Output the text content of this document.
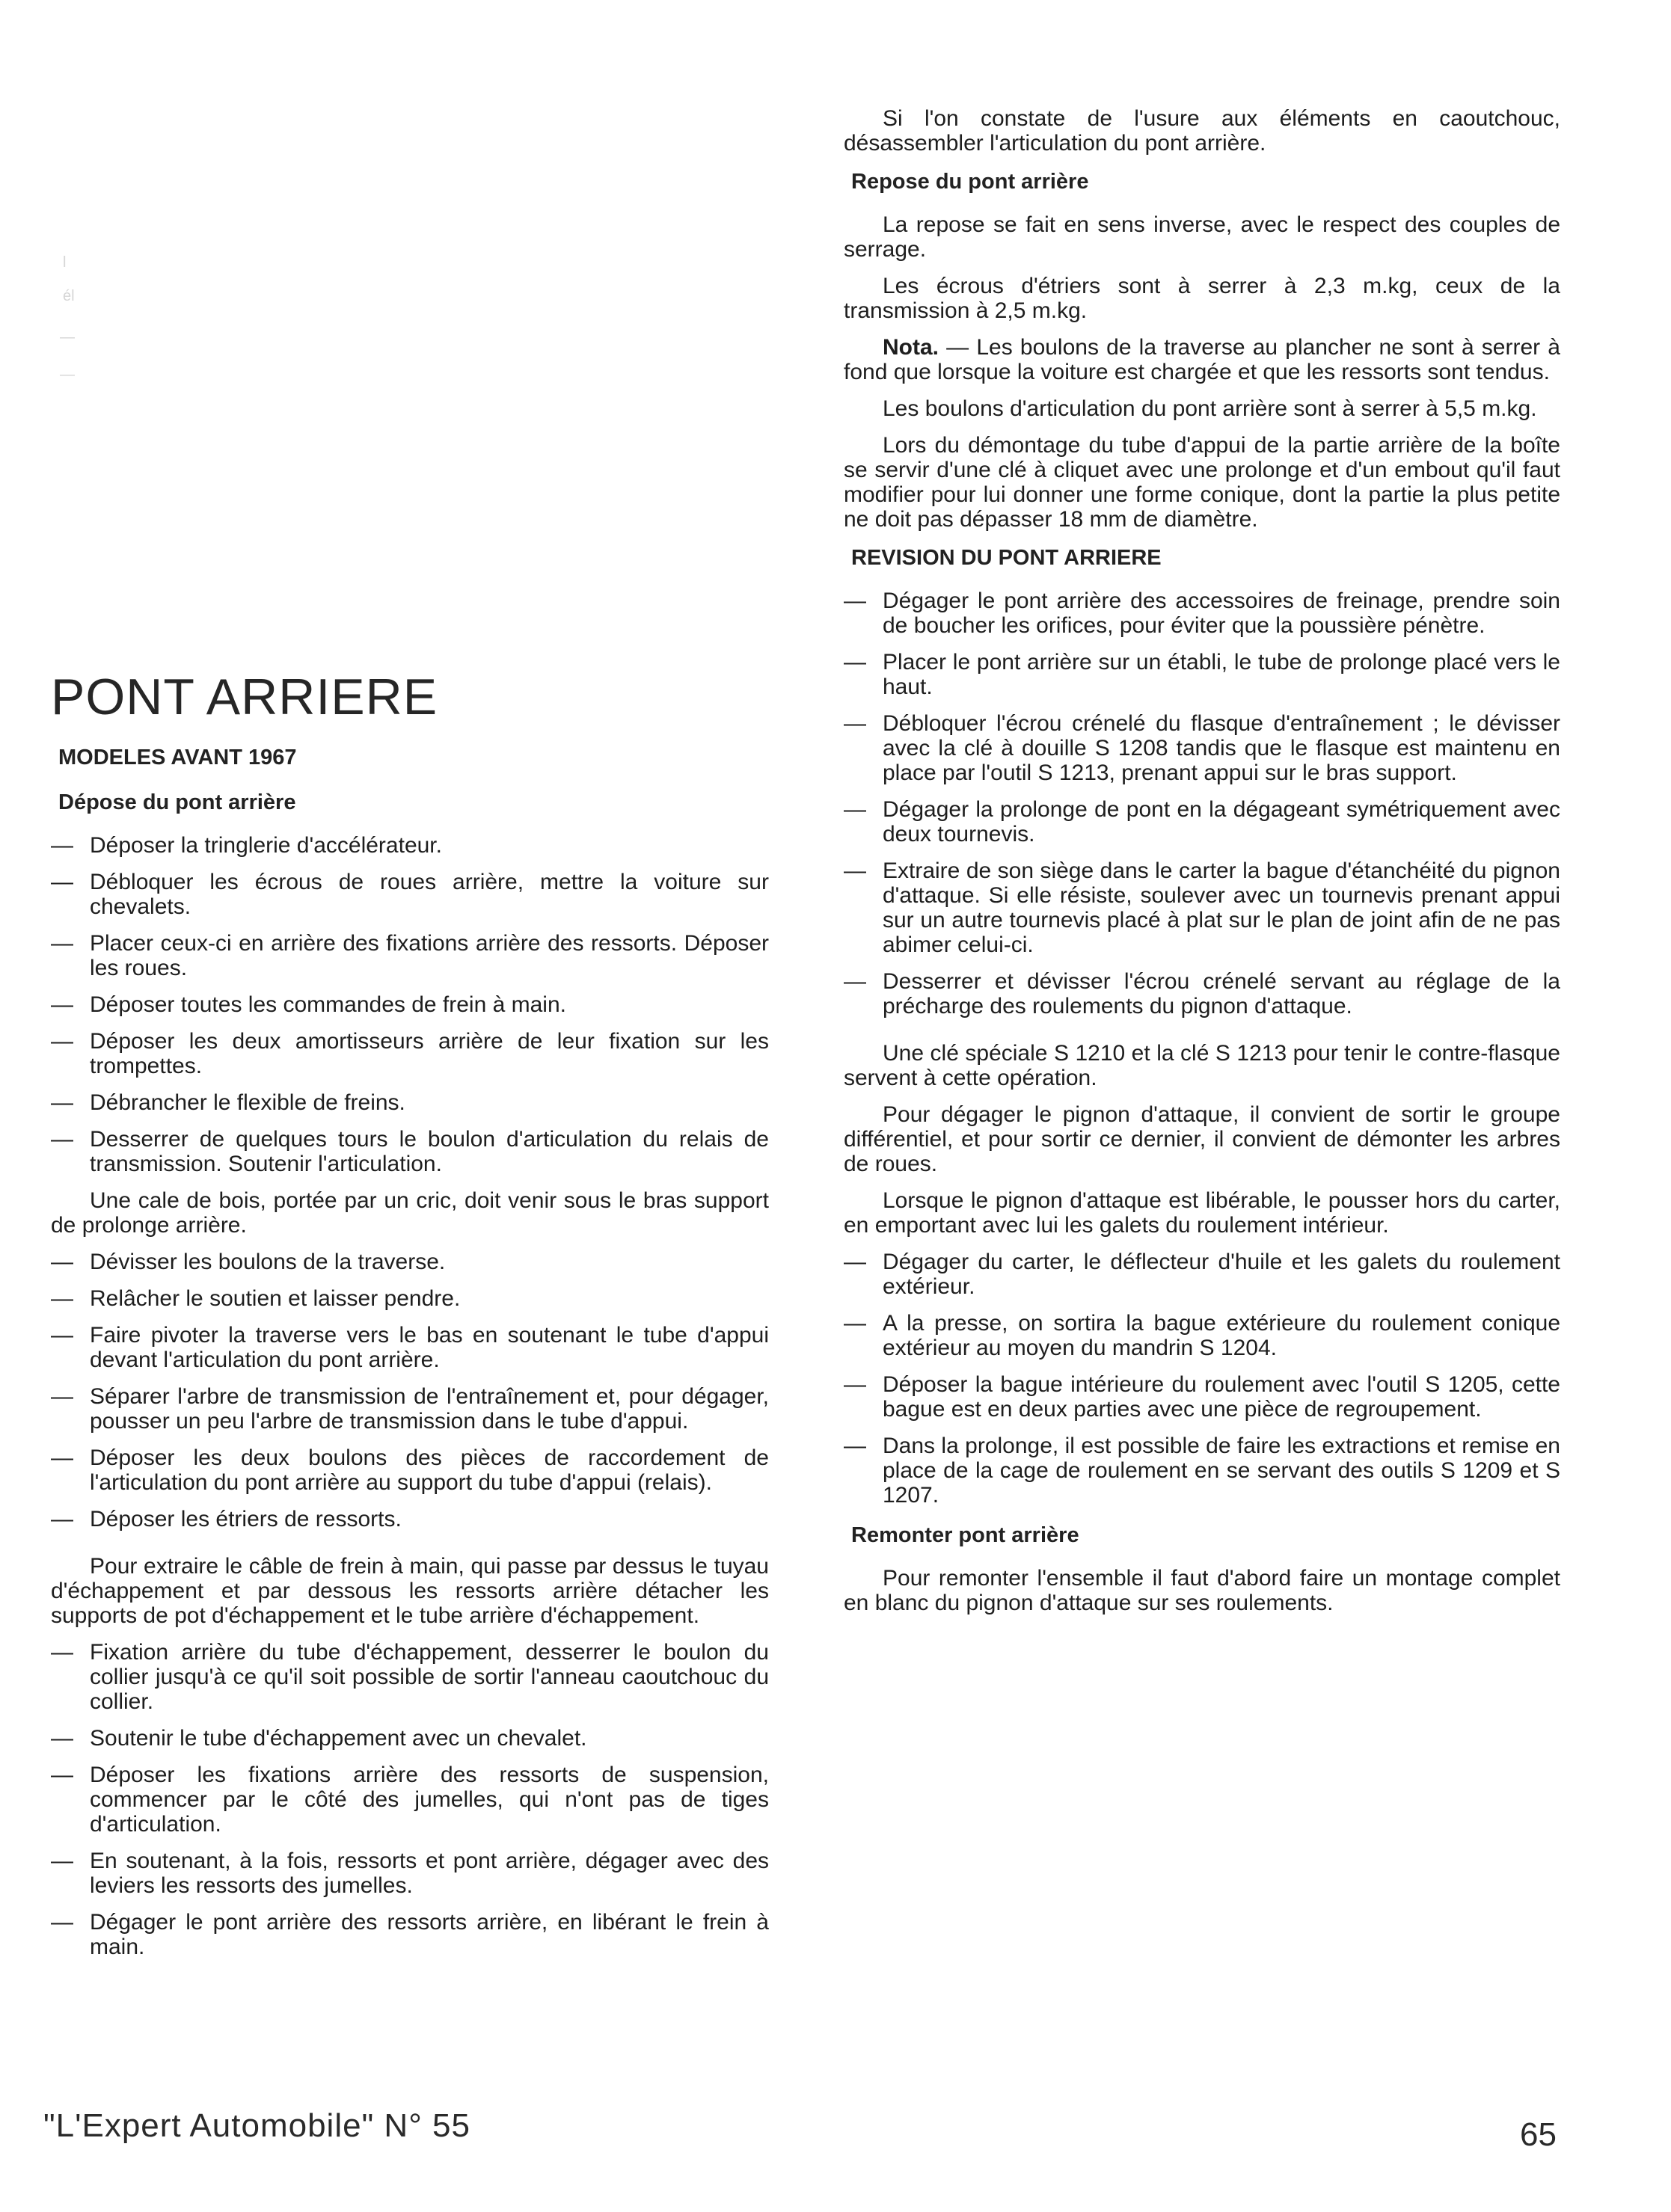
l
él
—
—
PONT ARRIERE
MODELES AVANT 1967
Dépose du pont arrière
— Déposer la tringlerie d'accélérateur.
— Débloquer les écrous de roues arrière, mettre la voiture sur chevalets.
— Placer ceux-ci en arrière des fixations arrière des ressorts. Déposer les roues.
— Déposer toutes les commandes de frein à main.
— Déposer les deux amortisseurs arrière de leur fixation sur les trompettes.
— Débrancher le flexible de freins.
— Desserrer de quelques tours le boulon d'articulation du relais de transmission. Soutenir l'articulation.

Une cale de bois, portée par un cric, doit venir sous le bras support de prolonge arrière.

— Dévisser les boulons de la traverse.
— Relâcher le soutien et laisser pendre.
— Faire pivoter la traverse vers le bas en soutenant le tube d'appui devant l'articulation du pont arrière.
— Séparer l'arbre de transmission de l'entraînement et, pour dégager, pousser un peu l'arbre de transmission dans le tube d'appui.
— Déposer les deux boulons des pièces de raccordement de l'articulation du pont arrière au support du tube d'appui (relais).
— Déposer les étriers de ressorts.

Pour extraire le câble de frein à main, qui passe par dessus le tuyau d'échappement et par dessous les ressorts arrière détacher les supports de pot d'échappement et le tube arrière d'échappement.

— Fixation arrière du tube d'échappement, desserrer le boulon du collier jusqu'à ce qu'il soit possible de sortir l'anneau caoutchouc du collier.
— Soutenir le tube d'échappement avec un chevalet.
— Déposer les fixations arrière des ressorts de suspension, commencer par le côté des jumelles, qui n'ont pas de tiges d'articulation.
— En soutenant, à la fois, ressorts et pont arrière, dégager avec des leviers les ressorts des jumelles.
— Dégager le pont arrière des ressorts arrière, en libérant le frein à main.

Si l'on constate de l'usure aux éléments en caoutchouc, désassembler l'articulation du pont arrière.

Repose du pont arrière

La repose se fait en sens inverse, avec le respect des couples de serrage.

Les écrous d'étriers sont à serrer à 2,3 m.kg, ceux de la transmission à 2,5 m.kg.

Nota. — Les boulons de la traverse au plancher ne sont à serrer à fond que lorsque la voiture est chargée et que les ressorts sont tendus.

Les boulons d'articulation du pont arrière sont à serrer à 5,5 m.kg.

Lors du démontage du tube d'appui de la partie arrière de la boîte se servir d'une clé à cliquet avec une prolonge et d'un embout qu'il faut modifier pour lui donner une forme conique, dont la partie la plus petite ne doit pas dépasser 18 mm de diamètre.

REVISION DU PONT ARRIERE
— Dégager le pont arrière des accessoires de freinage, prendre soin de boucher les orifices, pour éviter que la poussière pénètre.
— Placer le pont arrière sur un établi, le tube de prolonge placé vers le haut.
— Débloquer l'écrou crénelé du flasque d'entraînement ; le dévisser avec la clé à douille S 1208 tandis que le flasque est maintenu en place par l'outil S 1213, prenant appui sur le bras support.
— Dégager la prolonge de pont en la dégageant symétriquement avec deux tournevis.
— Extraire de son siège dans le carter la bague d'étanchéité du pignon d'attaque. Si elle résiste, soulever avec un tournevis prenant appui sur un autre tournevis placé à plat sur le plan de joint afin de ne pas abimer celui-ci.
— Desserrer et dévisser l'écrou crénelé servant au réglage de la précharge des roulements du pignon d'attaque.

Une clé spéciale S 1210 et la clé S 1213 pour tenir le contre-flasque servent à cette opération.

Pour dégager le pignon d'attaque, il convient de sortir le groupe différentiel, et pour sortir ce dernier, il convient de démonter les arbres de roues.

Lorsque le pignon d'attaque est libérable, le pousser hors du carter, en emportant avec lui les galets du roulement intérieur.

— Dégager du carter, le déflecteur d'huile et les galets du roulement extérieur.
— A la presse, on sortira la bague extérieure du roulement conique extérieur au moyen du mandrin S 1204.
— Déposer la bague intérieure du roulement avec l'outil S 1205, cette bague est en deux parties avec une pièce de regroupement.
— Dans la prolonge, il est possible de faire les extractions et remise en place de la cage de roulement en se servant des outils S 1209 et S 1207.
Remonter pont arrière

Pour remonter l'ensemble il faut d'abord faire un montage complet en blanc du pignon d'attaque sur ses roulements.

"L'Expert Automobile" N° 55	65
